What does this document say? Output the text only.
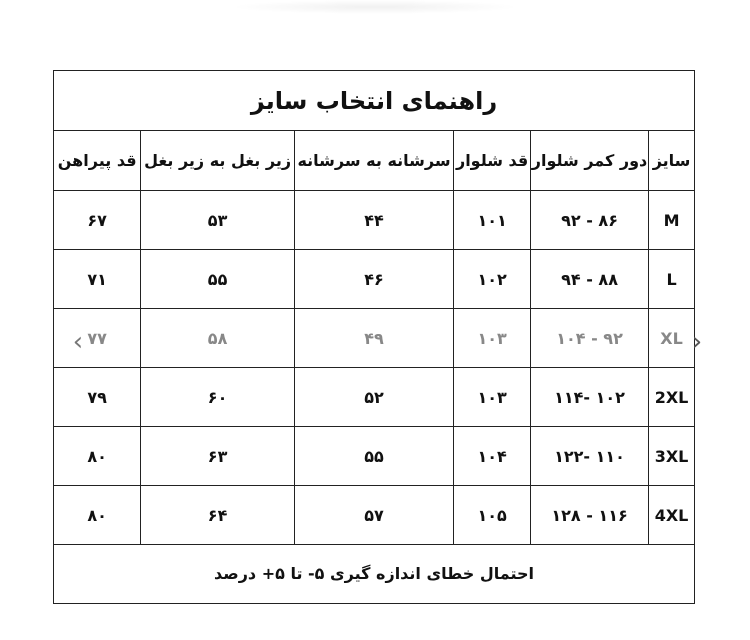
راهنمای انتخاب سایز
سایز	دور کمر شلوار	قد شلوار	سرشانه به سرشانه	زیر بغل به زیر بغل	قد پیراهن
M	۸۶ - ۹۲	۱۰۱	۴۴	۵۳	۶۷
L	۸۸ - ۹۴	۱۰۲	۴۶	۵۵	۷۱
XL	۹۲ - ۱۰۴	۱۰۳	۴۹	۵۸	۷۷
2XL	۱۰۲ -۱۱۴	۱۰۳	۵۲	۶۰	۷۹
3XL	۱۱۰ -۱۲۲	۱۰۴	۵۵	۶۳	۸۰
4XL	۱۱۶ - ۱۲۸	۱۰۵	۵۷	۶۴	۸۰
احتمال خطای اندازه گیری ۵- تا ۵+ درصد
‹	›
